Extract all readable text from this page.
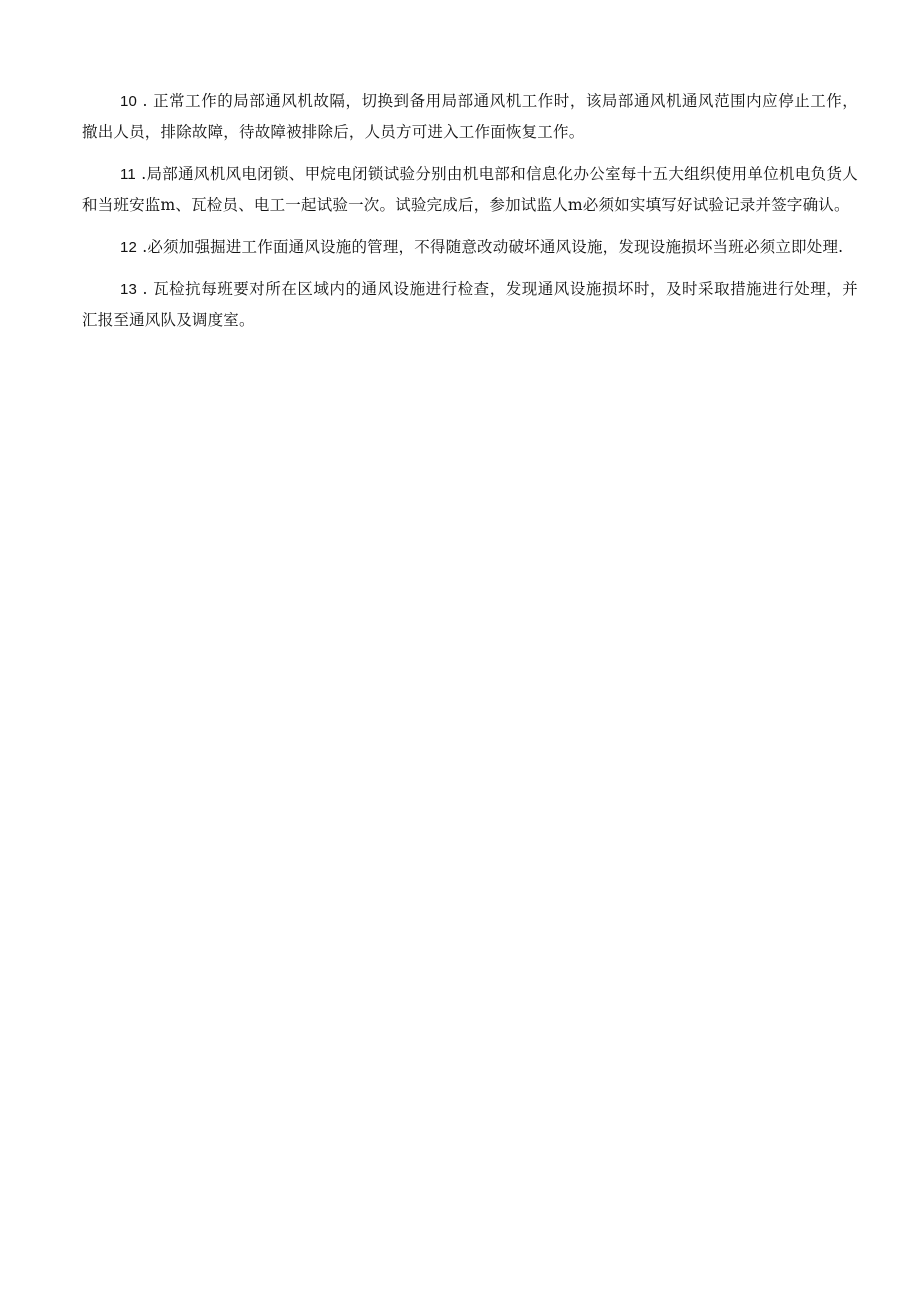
10 . 正常工作的局部通风机故隔，切换到备用局部通风机工作时，该局部通风机通风范围内应停止工作，撤出人员，排除故障，待故障被排除后，人员方可进入工作面恢复工作。

11 .局部通风机风电闭锁、甲烷电闭锁试验分别由机电部和信息化办公室每十五大组织使用单位机电负货人和当班安监m、瓦检员、电工一起试验一次。试验完成后，参加试监人m必须如实填写好试验记录并签字确认。

12 .必须加强掘进工作面通风设施的管理，不得随意改动破坏通风设施，发现设施损坏当班必须立即处理.

13 . 瓦检抗每班要对所在区域内的通风设施进行检查，发现通风设施损坏时，及时采取措施进行处理，并汇报至通风队及调度室。
